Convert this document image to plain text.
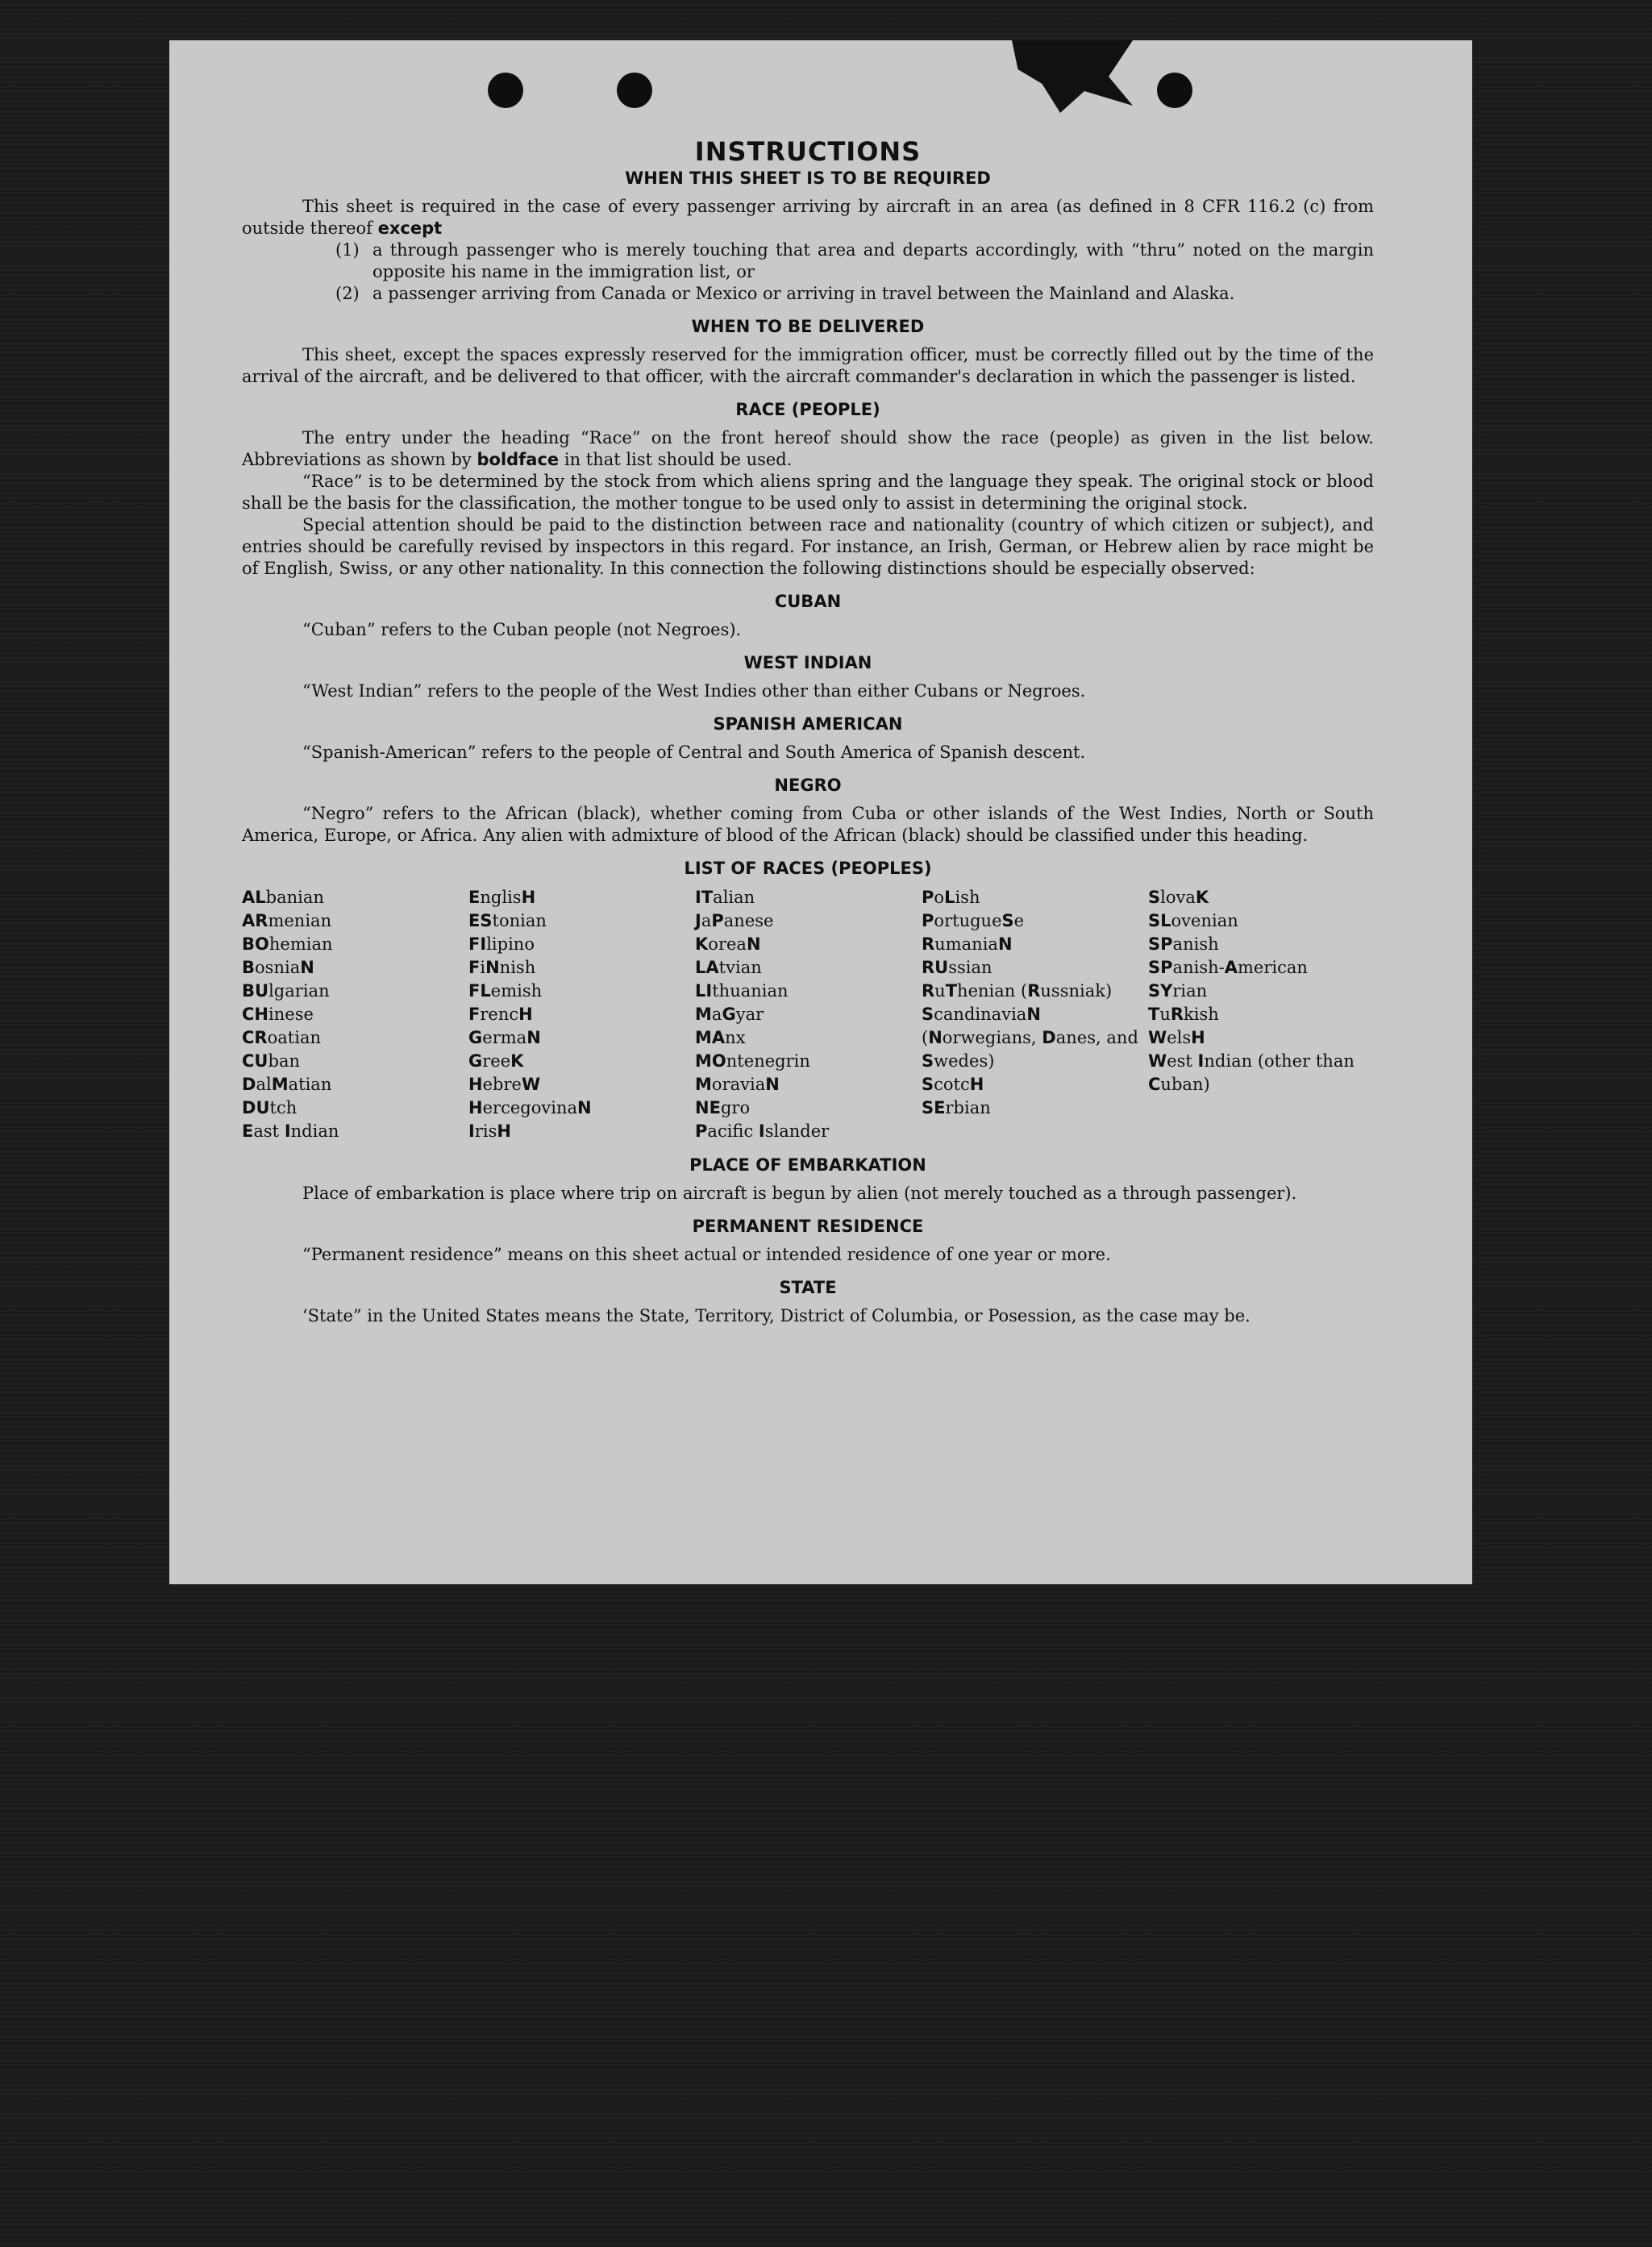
INSTRUCTIONS
WHEN THIS SHEET IS TO BE REQUIRED

This sheet is required in the case of every passenger arriving by aircraft in an area (as defined in 8 CFR 116.2 (c) from outside thereof except

(1) a through passenger who is merely touching that area and departs accordingly, with “thru” noted on the margin opposite his name in the immigration list, or
(2) a passenger arriving from Canada or Mexico or arriving in travel between the Mainland and Alaska.
WHEN TO BE DELIVERED

This sheet, except the spaces expressly reserved for the immigration officer, must be correctly filled out by the time of the arrival of the aircraft, and be delivered to that officer, with the aircraft commander's declaration in which the passenger is listed.

RACE (PEOPLE)

The entry under the heading “Race” on the front hereof should show the race (people) as given in the list below. Abbreviations as shown by boldface in that list should be used.

“Race” is to be determined by the stock from which aliens spring and the language they speak. The original stock or blood shall be the basis for the classification, the mother tongue to be used only to assist in determining the original stock.

Special attention should be paid to the distinction between race and nationality (country of which citizen or subject), and entries should be carefully revised by inspectors in this regard. For instance, an Irish, German, or Hebrew alien by race might be of English, Swiss, or any other nationality. In this connection the following distinctions should be especially observed:

CUBAN

“Cuban” refers to the Cuban people (not Negroes).

WEST INDIAN

“West Indian” refers to the people of the West Indies other than either Cubans or Negroes.

SPANISH AMERICAN

“Spanish-American” refers to the people of Central and South America of Spanish descent.

NEGRO

“Negro” refers to the African (black), whether coming from Cuba or other islands of the West Indies, North or South America, Europe, or Africa. Any alien with admixture of blood of the African (black) should be classified under this heading.

LIST OF RACES (PEOPLES)
ALbanian
ARmenian
BOhemian
BosniaN
BUlgarian
CHinese
CRoatian
CUban
DalMatian
DUtch
East Indian
EnglisH
EStonian
FIlipino
FiNnish
FLemish
FrencH
GermaN
GreeK
HebreW
HercegovinaN
IrisH
ITalian
JaPanese
KoreaN
LAtvian
LIthuanian
MaGyar
MAnx
MOntenegrin
MoraviaN
NEgro
Pacifc Islander
PoLish
PortugueSe
RumaniaN
RUssian
RuThenian (Russniak)
ScandinaviaN (Norwegians, Danes, and Swedes)
ScotcH
SErbian
SlovaK
SLovenian
SPanish
SPanish-American
SYrian
TuRkish
WelsH
West Indian (other than Cuban)
PLACE OF EMBARKATION

Place of embarkation is place where trip on aircraft is begun by alien (not merely touched as a through passenger).

PERMANENT RESIDENCE

“Permanent residence” means on this sheet actual or intended residence of one year or more.

STATE

‘State” in the United States means the State, Territory, District of Columbia, or Posession, as the case may be.
